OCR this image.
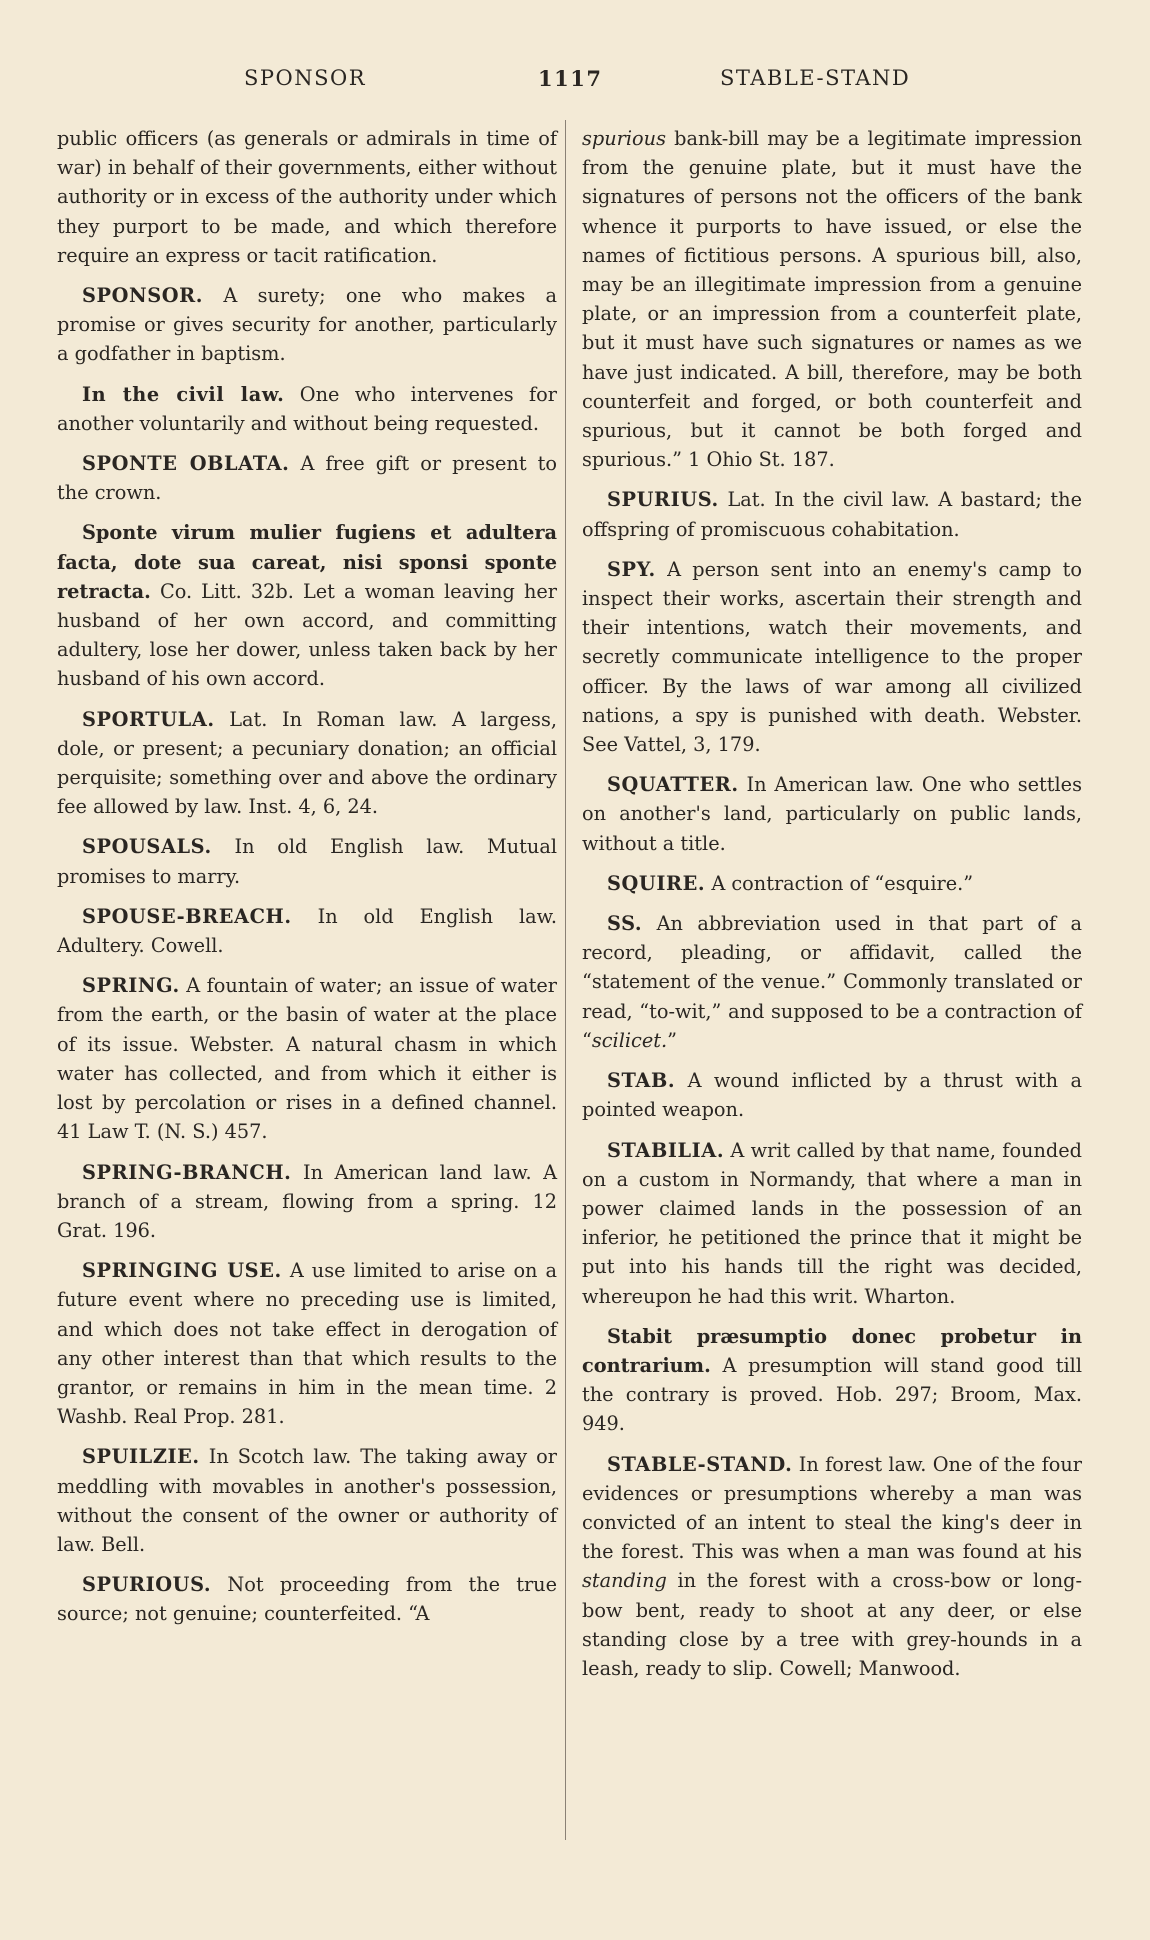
SPONSOR	1117	STABLE-STAND

public officers (as generals or admirals in time of war) in behalf of their governments, either without authority or in excess of the authority under which they purport to be made, and which therefore require an express or tacit ratification.

SPONSOR. A surety; one who makes a promise or gives security for another, particularly a godfather in baptism.

In the civil law. One who intervenes for another voluntarily and without being requested.

SPONTE OBLATA. A free gift or present to the crown.

Sponte virum mulier fugiens et adultera facta, dote sua careat, nisi sponsi sponte retracta. Co. Litt. 32b. Let a woman leaving her husband of her own accord, and committing adultery, lose her dower, unless taken back by her husband of his own accord.

SPORTULA. Lat. In Roman law. A largess, dole, or present; a pecuniary donation; an official perquisite; something over and above the ordinary fee allowed by law. Inst. 4, 6, 24.

SPOUSALS. In old English law. Mutual promises to marry.

SPOUSE-BREACH. In old English law. Adultery. Cowell.

SPRING. A fountain of water; an issue of water from the earth, or the basin of water at the place of its issue. Webster. A natural chasm in which water has collected, and from which it either is lost by percolation or rises in a defined channel. 41 Law T. (N. S.) 457.

SPRING-BRANCH. In American land law. A branch of a stream, flowing from a spring. 12 Grat. 196.

SPRINGING USE. A use limited to arise on a future event where no preceding use is limited, and which does not take effect in derogation of any other interest than that which results to the grantor, or remains in him in the mean time. 2 Washb. Real Prop. 281.

SPUILZIE. In Scotch law. The taking away or meddling with movables in another's possession, without the consent of the owner or authority of law. Bell.

SPURIOUS. Not proceeding from the true source; not genuine; counterfeited. “A

spurious bank-bill may be a legitimate impression from the genuine plate, but it must have the signatures of persons not the officers of the bank whence it purports to have issued, or else the names of fictitious persons. A spurious bill, also, may be an illegitimate impression from a genuine plate, or an impression from a counterfeit plate, but it must have such signatures or names as we have just indicated. A bill, therefore, may be both counterfeit and forged, or both counterfeit and spurious, but it cannot be both forged and spurious.” 1 Ohio St. 187.

SPURIUS. Lat. In the civil law. A bastard; the offspring of promiscuous cohabitation.

SPY. A person sent into an enemy's camp to inspect their works, ascertain their strength and their intentions, watch their movements, and secretly communicate intelligence to the proper officer. By the laws of war among all civilized nations, a spy is punished with death. Webster. See Vattel, 3, 179.

SQUATTER. In American law. One who settles on another's land, particularly on public lands, without a title.

SQUIRE. A contraction of “esquire.”

SS. An abbreviation used in that part of a record, pleading, or affidavit, called the “statement of the venue.” Commonly translated or read, “to-wit,” and supposed to be a contraction of “scilicet.”

STAB. A wound inflicted by a thrust with a pointed weapon.

STABILIA. A writ called by that name, founded on a custom in Normandy, that where a man in power claimed lands in the possession of an inferior, he petitioned the prince that it might be put into his hands till the right was decided, whereupon he had this writ. Wharton.

Stabit præsumptio donec probetur in contrarium. A presumption will stand good till the contrary is proved. Hob. 297; Broom, Max. 949.

STABLE-STAND. In forest law. One of the four evidences or presumptions whereby a man was convicted of an intent to steal the king's deer in the forest. This was when a man was found at his standing in the forest with a cross-bow or long-bow bent, ready to shoot at any deer, or else standing close by a tree with grey-hounds in a leash, ready to slip. Cowell; Manwood.
